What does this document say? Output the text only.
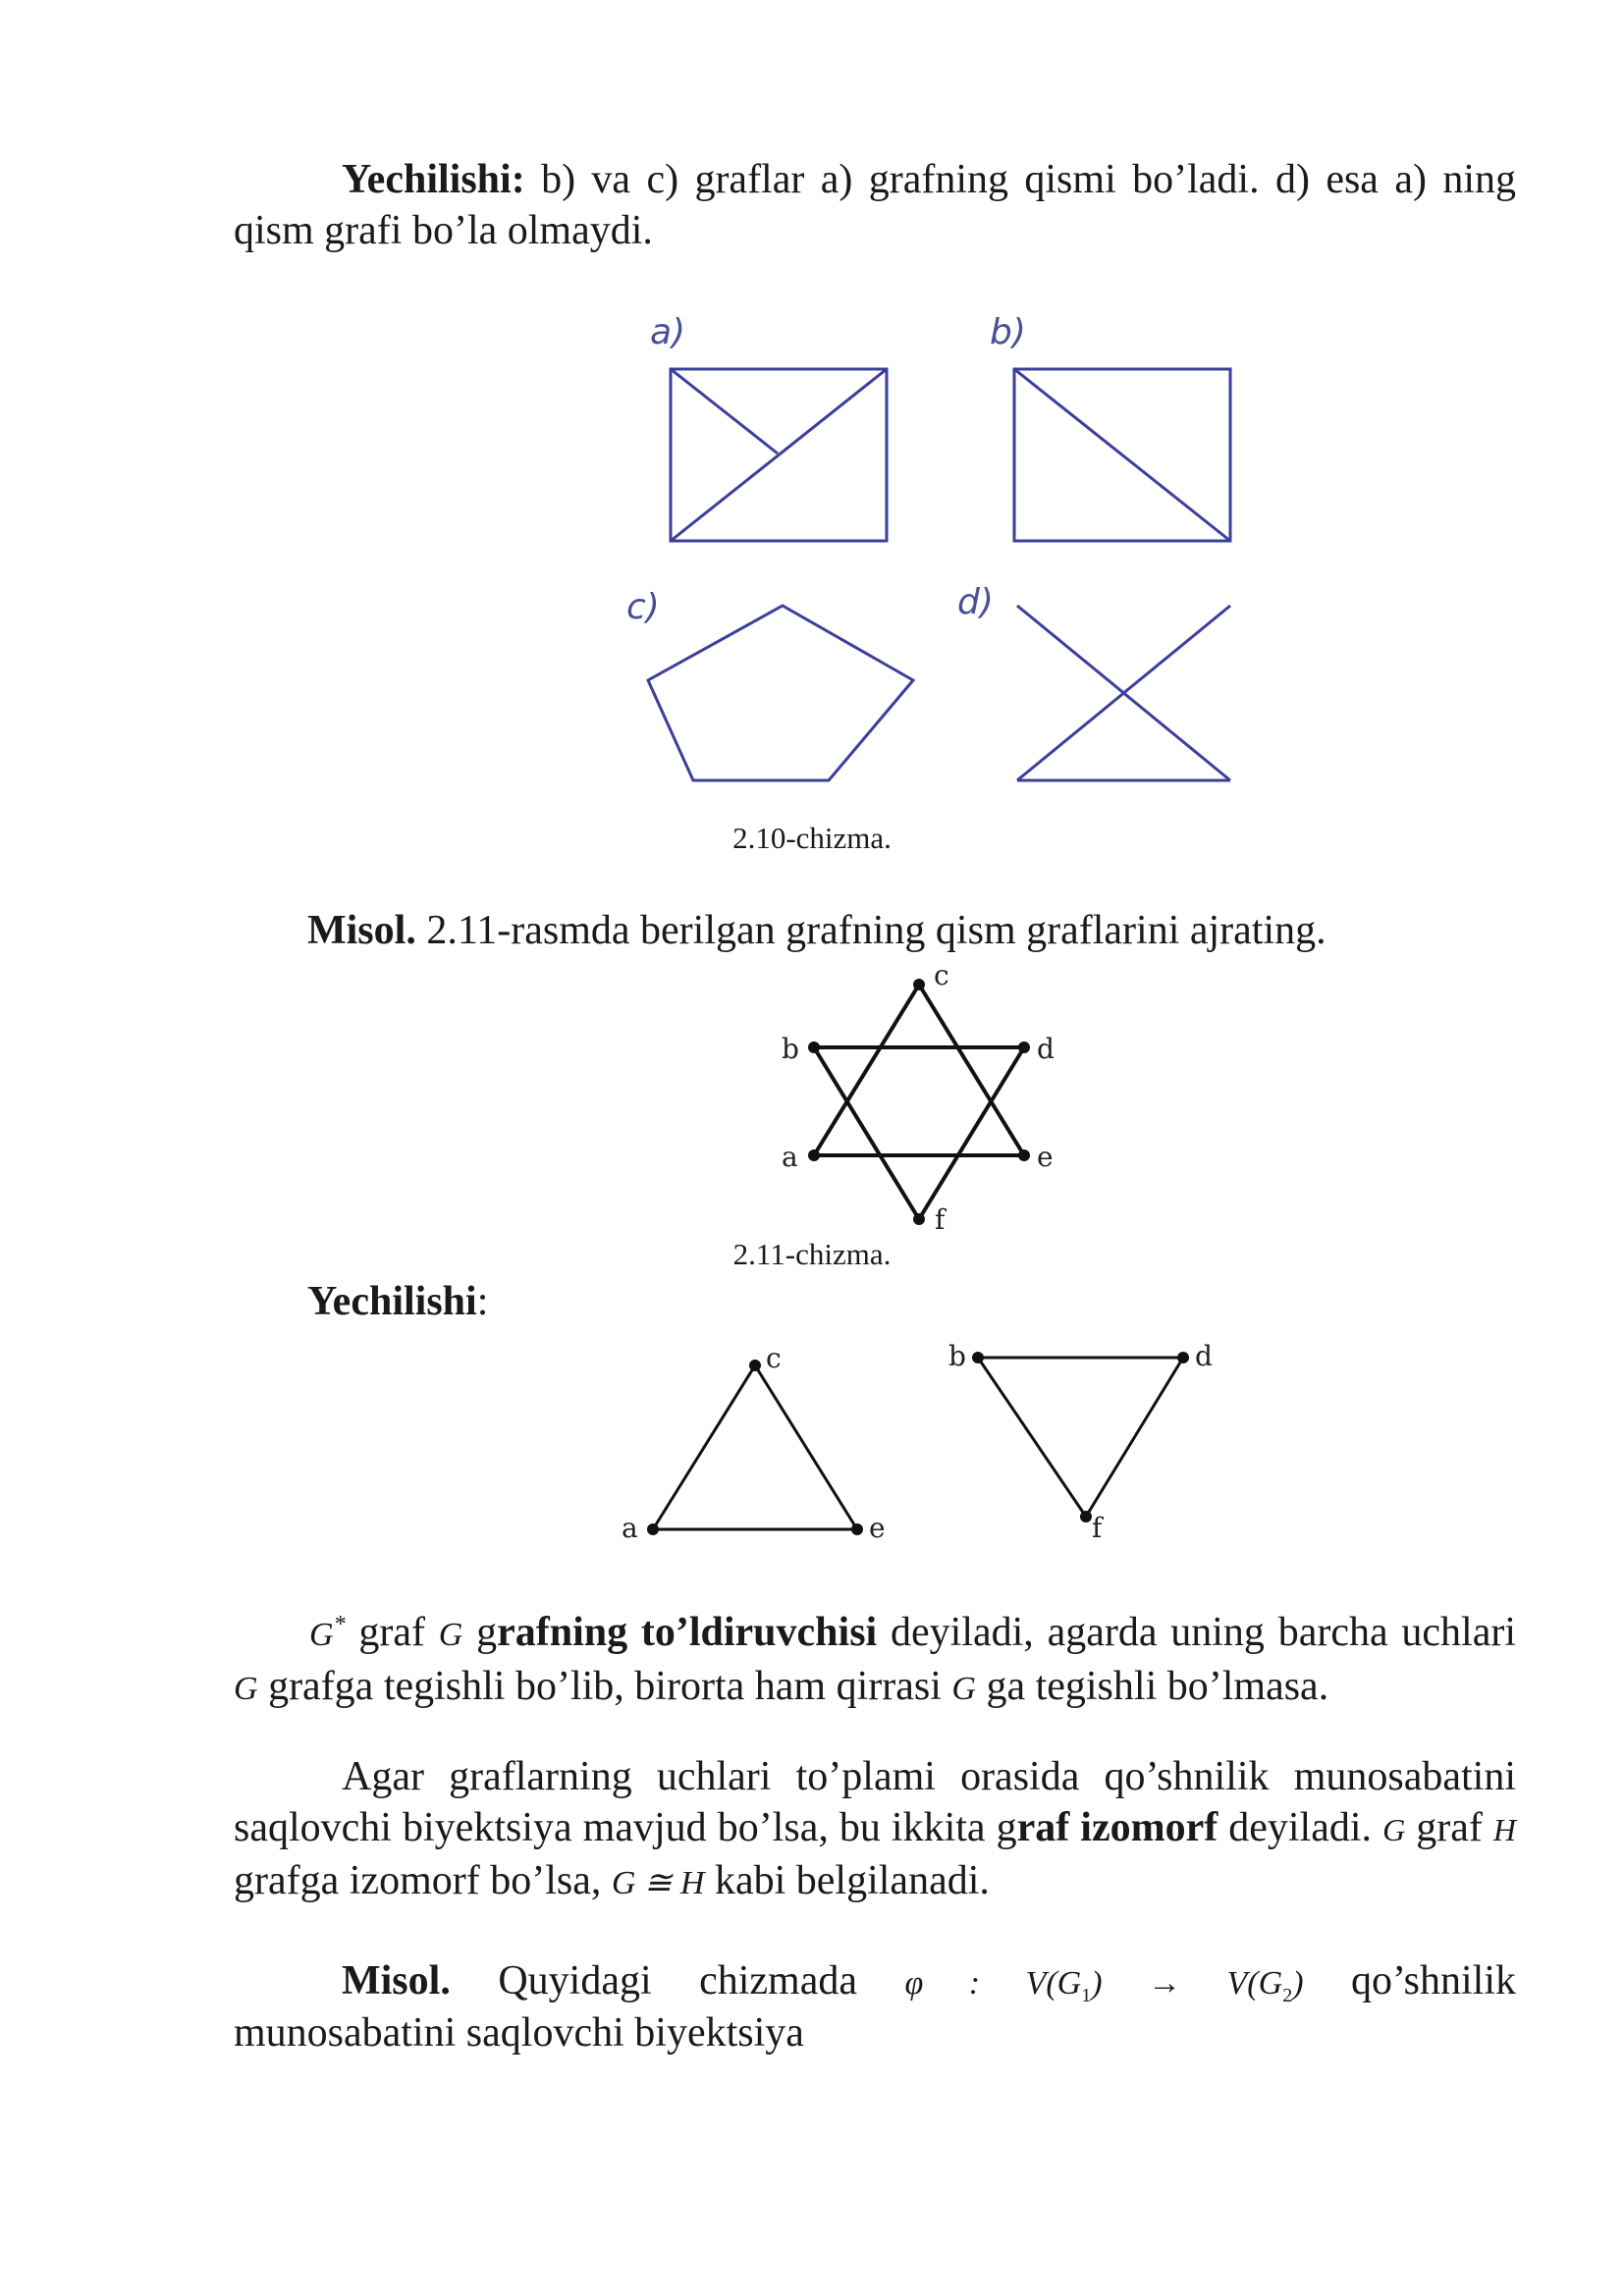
Yechilishi: b) va c) graflar a) grafning qismi bo’ladi. d) esa a) ning qism grafi bo’la olmaydi.

a)	b)
c)	d)
c
b	d
a	e
f
c
a	e
b	d
f
2.10-chizma.

Misol. 2.11-rasmda berilgan grafning qism graflarini ajrating.

2.11-chizma.

Yechilishi:

G* graf G grafning to’ldiruvchisi deyiladi, agarda uning barcha uchlari G grafga tegishli bo’lib, birorta ham qirrasi G ga tegishli bo’lmasa.

Agar graflarning uchlari to’plami orasida qo’shnilik munosabatini saqlovchi biyektsiya mavjud bo’lsa, bu ikkita graf izomorf deyiladi. G graf H grafga izomorf bo’lsa, G ≅ H kabi belgilanadi.

Misol. Quyidagi chizmada φ : $V(G_1) \to V(G_2)$ qo’shnilik

munosabatini saqlovchi biyektsiya
